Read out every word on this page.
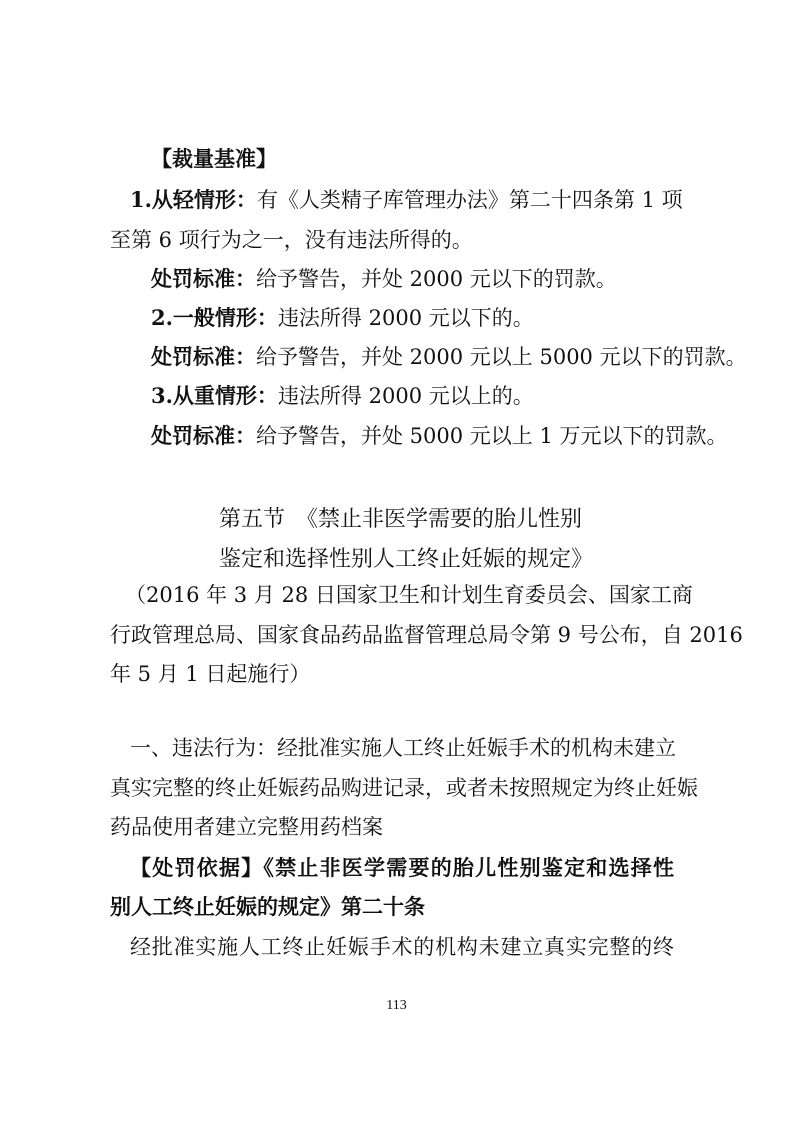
【裁量基准】
1.从轻情形：有《人类精子库管理办法》第二十四条第 1 项
至第 6 项行为之一，没有违法所得的。
处罚标准：给予警告，并处 2000 元以下的罚款。
2.一般情形：违法所得 2000 元以下的。
处罚标准：给予警告，并处 2000 元以上 5000 元以下的罚款。
3.从重情形：违法所得 2000 元以上的。
处罚标准：给予警告，并处 5000 元以上 1 万元以下的罚款。
第五节　《禁止非医学需要的胎儿性别
鉴定和选择性别人工终止妊娠的规定》
（2016 年 3 月 28 日国家卫生和计划生育委员会、国家工商
行政管理总局、国家食品药品监督管理总局令第 9 号公布，自 2016
年 5 月 1 日起施行）
一、违法行为：经批准实施人工终止妊娠手术的机构未建立
真实完整的终止妊娠药品购进记录，或者未按照规定为终止妊娠
药品使用者建立完整用药档案
【处罚依据】《禁止非医学需要的胎儿性别鉴定和选择性
别人工终止妊娠的规定》第二十条
经批准实施人工终止妊娠手术的机构未建立真实完整的终
113
